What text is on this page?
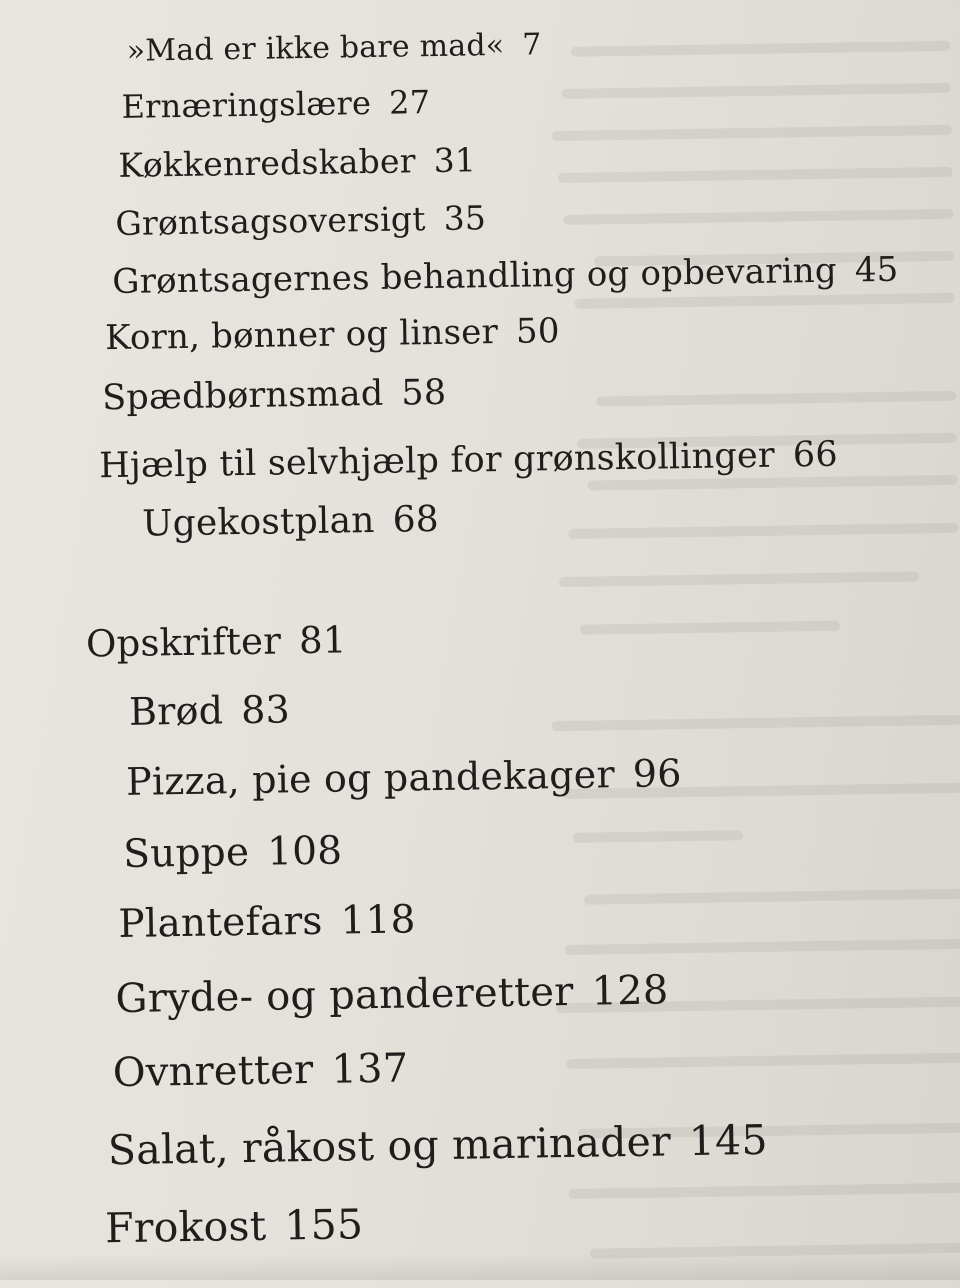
»Mad er ikke bare mad« 7
Ernæringslære 27
Køkkenredskaber 31
Grøntsagsoversigt 35
Grøntsagernes behandling og opbevaring 45
Korn, bønner og linser 50
Spædbørnsmad 58
Hjælp til selvhjælp for grønskollinger 66
Ugekostplan 68
Opskrifter 81
Brød 83
Pizza, pie og pandekager 96
Suppe 108
Plantefars 118
Gryde- og panderetter 128
Ovnretter 137
Salat, råkost og marinader 145
Frokost 155
